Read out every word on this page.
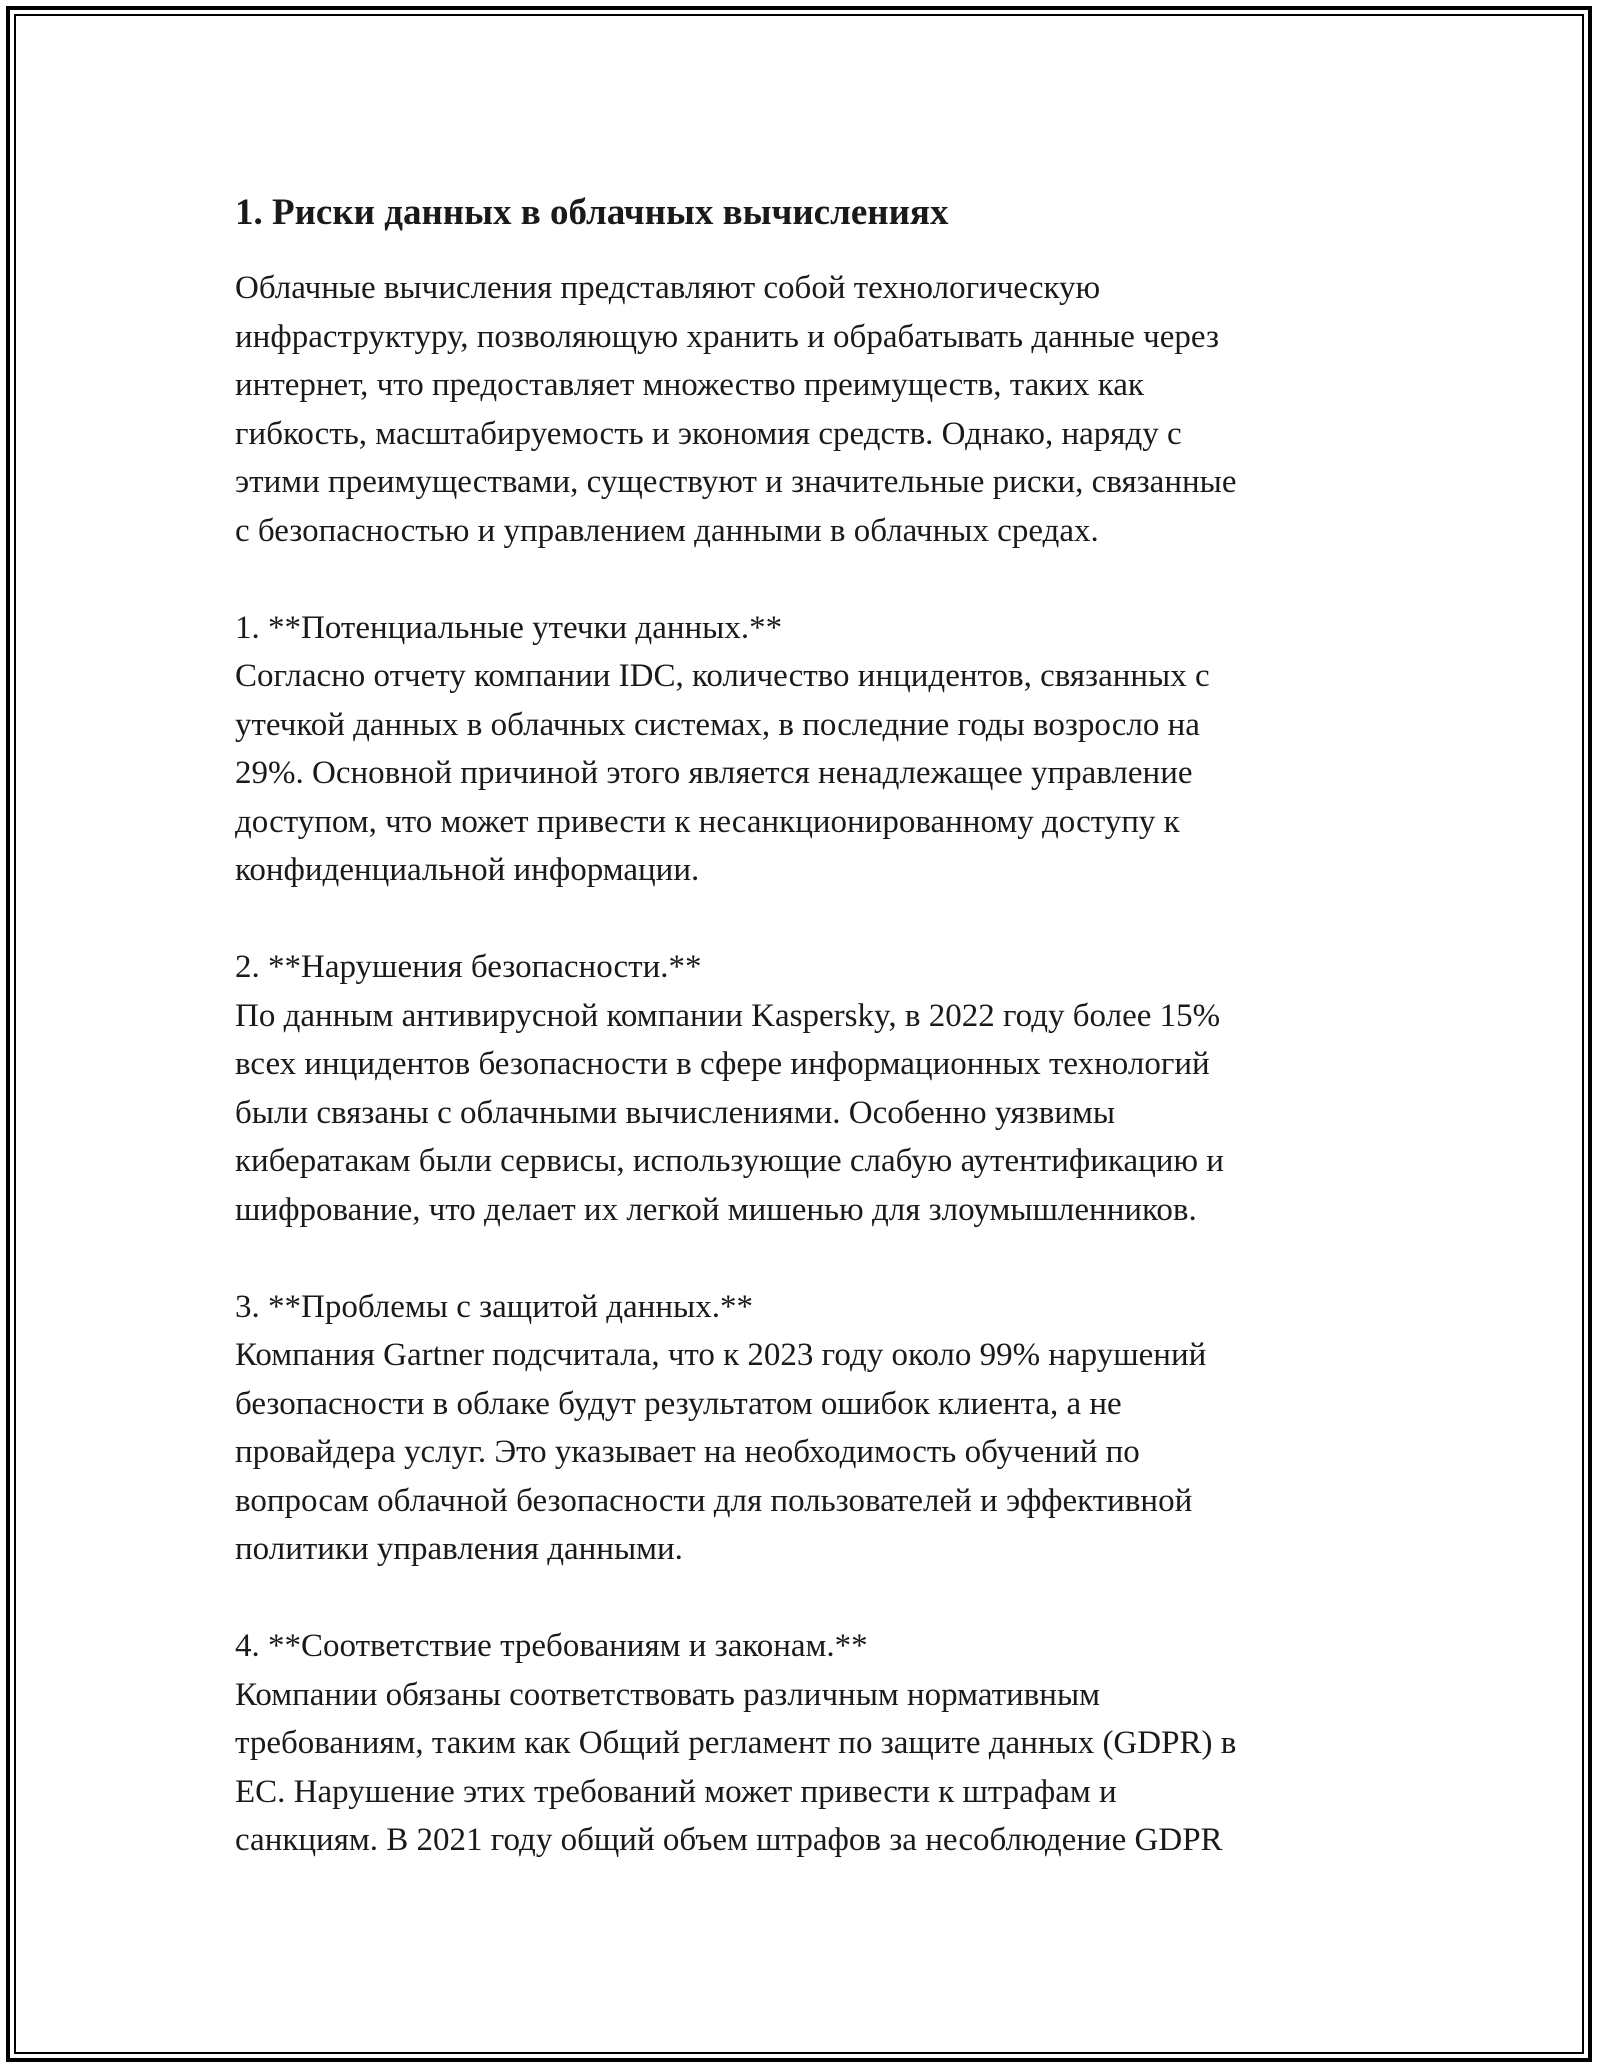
1. Риски данных в облачных вычислениях
Облачные вычисления представляют собой технологическую
инфраструктуру, позволяющую хранить и обрабатывать данные через
интернет, что предоставляет множество преимуществ, таких как
гибкость, масштабируемость и экономия средств. Однако, наряду с
этими преимуществами, существуют и значительные риски, связанные
с безопасностью и управлением данными в облачных средах.
1. **Потенциальные утечки данных.**
Согласно отчету компании IDC, количество инцидентов, связанных с
утечкой данных в облачных системах, в последние годы возросло на
29%. Основной причиной этого является ненадлежащее управление
доступом, что может привести к несанкционированному доступу к
конфиденциальной информации.
2. **Нарушения безопасности.**
По данным антивирусной компании Kaspersky, в 2022 году более 15%
всех инцидентов безопасности в сфере информационных технологий
были связаны с облачными вычислениями. Особенно уязвимы
кибератакам были сервисы, использующие слабую аутентификацию и
шифрование, что делает их легкой мишенью для злоумышленников.
3. **Проблемы с защитой данных.**
Компания Gartner подсчитала, что к 2023 году около 99% нарушений
безопасности в облаке будут результатом ошибок клиента, а не
провайдера услуг. Это указывает на необходимость обучений по
вопросам облачной безопасности для пользователей и эффективной
политики управления данными.
4. **Соответствие требованиям и законам.**
Компании обязаны соответствовать различным нормативным
требованиям, таким как Общий регламент по защите данных (GDPR) в
ЕС. Нарушение этих требований может привести к штрафам и
санкциям. В 2021 году общий объем штрафов за несоблюдение GDPR
